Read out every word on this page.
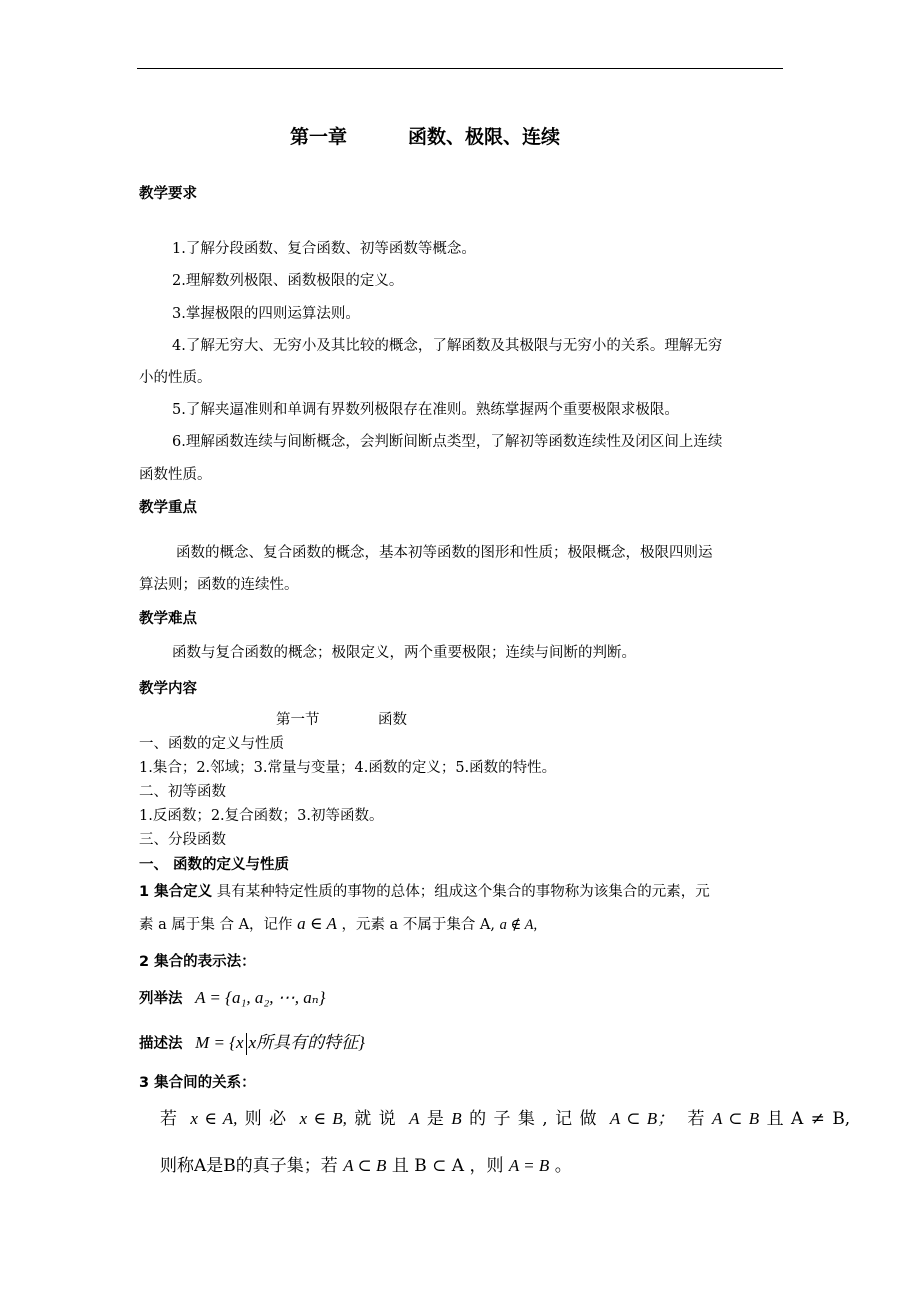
第一章	函数、极限、连续
教学要求
1.了解分段函数、复合函数、初等函数等概念。
2.理解数列极限、函数极限的定义。
3.掌握极限的四则运算法则。
4.了解无穷大、无穷小及其比较的概念，了解函数及其极限与无穷小的关系。理解无穷
小的性质。
5.了解夹逼准则和单调有界数列极限存在准则。熟练掌握两个重要极限求极限。
6.理解函数连续与间断概念，会判断间断点类型，了解初等函数连续性及闭区间上连续
函数性质。
教学重点
函数的概念、复合函数的概念，基本初等函数的图形和性质；极限概念，极限四则运
算法则；函数的连续性。
教学难点
函数与复合函数的概念；极限定义，两个重要极限；连续与间断的判断。
教学内容
第一节	函数
一、函数的定义与性质
1.集合；2.邻域；3.常量与变量；4.函数的定义；5.函数的特性。
二、初等函数
1.反函数；2.复合函数；3.初等函数。
三、分段函数
一、 函数的定义与性质
1 集合定义 具有某种特定性质的事物的总体；组成这个集合的事物称为该集合的元素，元
素 a 属于集 合 A，记作 a ∈ A ，元素 a 不属于集合 A, a ∉ A,
2 集合的表示法：
列举法 A = {a₁, a₂, ⋯, aₙ}
描述法 M = {x x所具有的特征}
3 集合间的关系：
若 x ∈ A, 则 必 x ∈ B, 就 说 A 是 B 的 子 集 , 记 做 A ⊂ B； 若 A ⊂ B 且 A ≠ B,
则称A是B的真子集；若 A ⊂ B 且 B ⊂ A ，则 A = B 。
